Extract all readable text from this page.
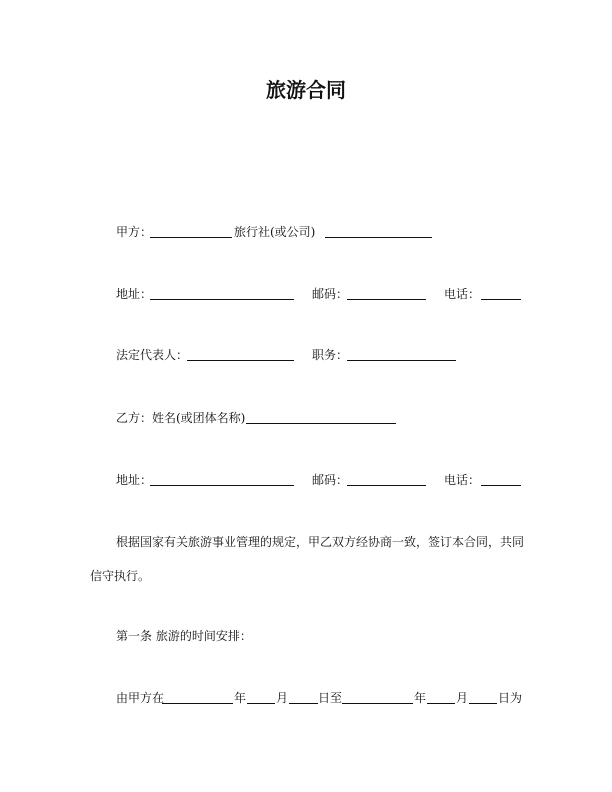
旅游合同
甲方：	旅行社(或公司)
地址：	邮码：	电话：
法定代表人：	职务：
乙方：姓名(或团体名称)
地址：	邮码：	电话：
根据国家有关旅游事业管理的规定，甲乙双方经协商一致，签订本合同，共同
信守执行。
第一条 旅游的时间安排：
由甲方在	年 月 日至	年 月 日为
